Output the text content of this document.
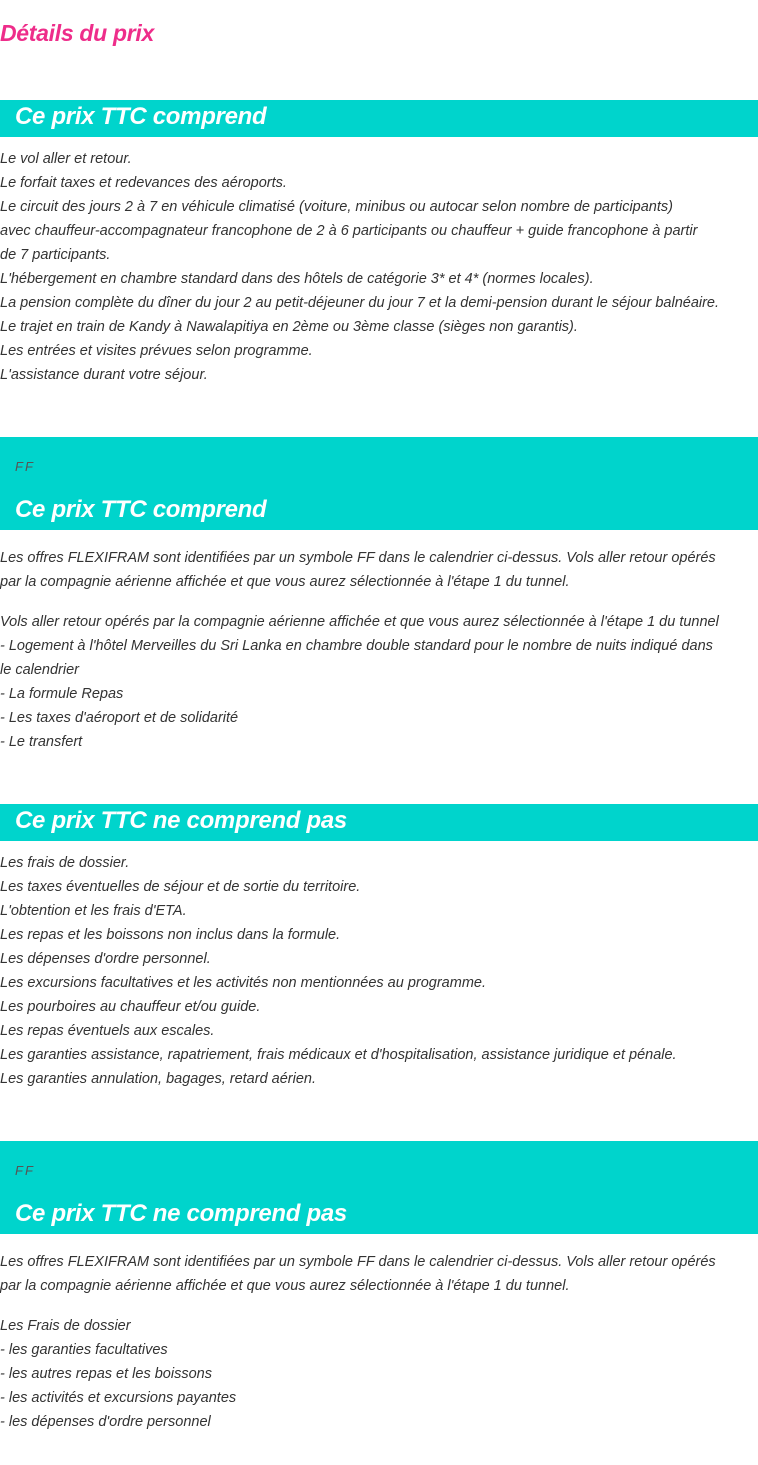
Détails du prix
Ce prix TTC comprend
Le vol aller et retour.
Le forfait taxes et redevances des aéroports.
Le circuit des jours 2 à 7 en véhicule climatisé (voiture, minibus ou autocar selon nombre de participants) avec chauffeur-accompagnateur francophone de 2 à 6 participants ou chauffeur + guide francophone à partir de 7 participants.
L'hébergement en chambre standard dans des hôtels de catégorie 3* et 4* (normes locales).
La pension complète du dîner du jour 2 au petit-déjeuner du jour 7 et la demi-pension durant le séjour balnéaire.
Le trajet en train de Kandy à Nawalapitiya en 2ème ou 3ème classe (sièges non garantis).
Les entrées et visites prévues selon programme.
L'assistance durant votre séjour.
FF
Ce prix TTC comprend

Les offres FLEXIFRAM sont identifiées par un symbole FF dans le calendrier ci-dessus. Vols aller retour opérés par la compagnie aérienne affichée et que vous aurez sélectionnée à l'étape 1 du tunnel.

Vols aller retour opérés par la compagnie aérienne affichée et que vous aurez sélectionnée à l'étape 1 du tunnel
- Logement à l'hôtel Merveilles du Sri Lanka en chambre double standard pour le nombre de nuits indiqué dans le calendrier
- La formule Repas
- Les taxes d'aéroport et de solidarité
- Le transfert
Ce prix TTC ne comprend pas
Les frais de dossier.
Les taxes éventuelles de séjour et de sortie du territoire.
L'obtention et les frais d'ETA.
Les repas et les boissons non inclus dans la formule.
Les dépenses d'ordre personnel.
Les excursions facultatives et les activités non mentionnées au programme.
Les pourboires au chauffeur et/ou guide.
Les repas éventuels aux escales.
Les garanties assistance, rapatriement, frais médicaux et d'hospitalisation, assistance juridique et pénale.
Les garanties annulation, bagages, retard aérien.
FF
Ce prix TTC ne comprend pas

Les offres FLEXIFRAM sont identifiées par un symbole FF dans le calendrier ci-dessus. Vols aller retour opérés par la compagnie aérienne affichée et que vous aurez sélectionnée à l'étape 1 du tunnel.

Les Frais de dossier
- les garanties facultatives
- les autres repas et les boissons
- les activités et excursions payantes
- les dépenses d'ordre personnel
